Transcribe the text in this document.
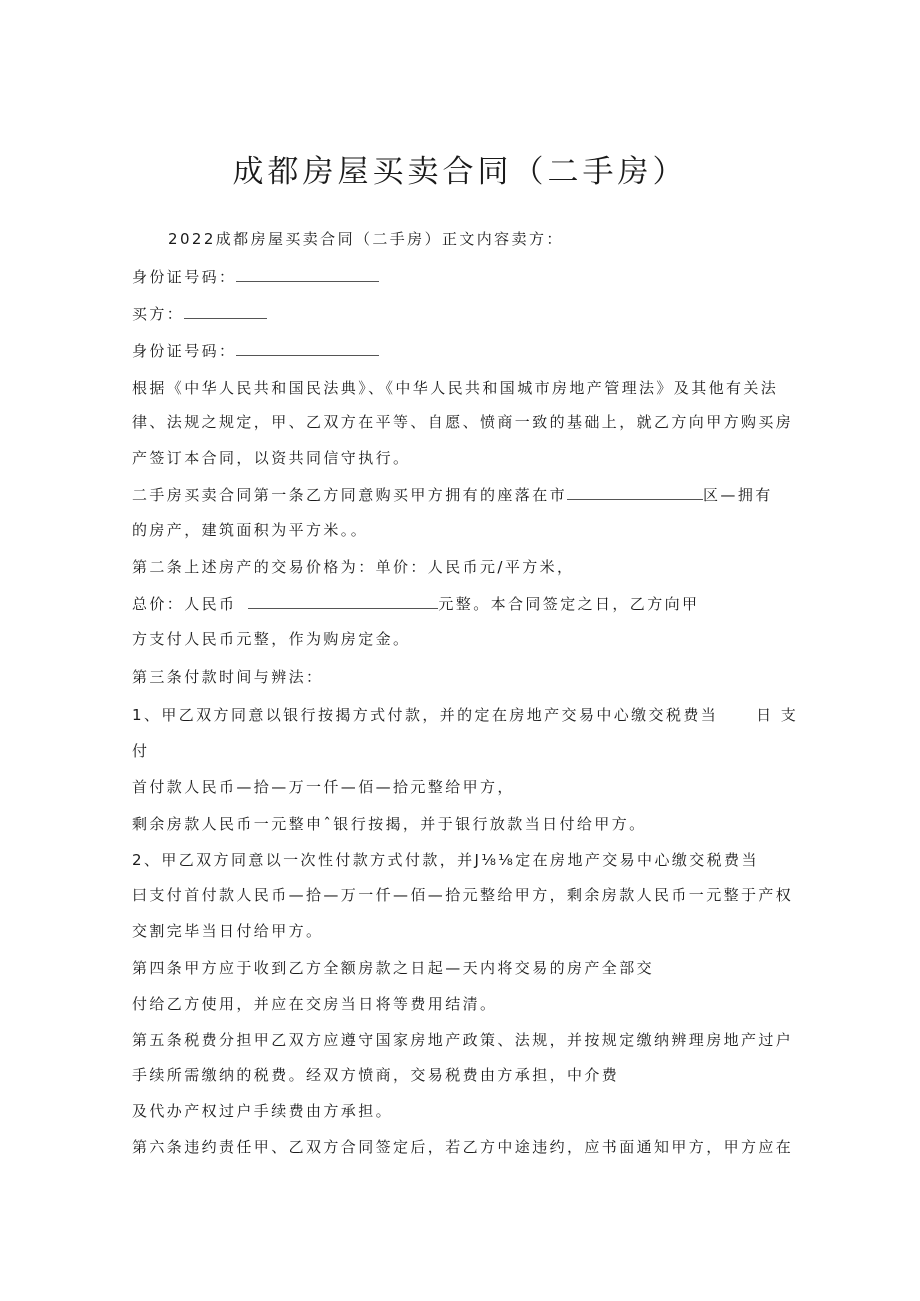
成都房屋买卖合同（二手房）
2022成都房屋买卖合同（二手房）正文内容卖方：
身份证号码：
买方：
身份证号码：
根据《中华人民共和国民法典》、《中华人民共和国城市房地产管理法》及其他有关法
律、法规之规定，甲、乙双方在平等、自愿、愤商一致的基础上，就乙方向甲方购买房
产签订本合同，以资共同信守执行。
二手房买卖合同第一条乙方同意购买甲方拥有的座落在市	区—拥有
的房产，建筑面积为平方米。。
第二条上述房产的交易价格为：单价：人民币元/平方米，
总价：人民币	元整。本合同签定之日，乙方向甲
方支付人民币元整，作为购房定金。
第三条付款时间与辨法：
1、甲乙双方同意以银行按揭方式付款，并的定在房地产交易中心缴交税费当	日 支
付
首付款人民币—拾—万一仟—佰—拾元整给甲方，
剩余房款人民币一元整申ˆ银行按揭，并于银行放款当日付给甲方。
2、甲乙双方同意以一次性付款方式付款，并J⅛⅛定在房地产交易中心缴交税费当
曰支付首付款人民币—拾—万一仟—佰—拾元整给甲方，剩余房款人民币一元整于产权
交割完毕当日付给甲方。
第四条甲方应于收到乙方全额房款之日起—天内将交易的房产全部交
付给乙方使用，并应在交房当日将等费用结清。
第五条税费分担甲乙双方应遵守国家房地产政策、法规，并按规定缴纳辨理房地产过户
手续所需缴纳的税费。经双方愤商，交易税费由方承担，中介费
及代办产权过户手续费由方承担。
第六条违约责任甲、乙双方合同签定后，若乙方中途违约，应书面通知甲方，甲方应在
